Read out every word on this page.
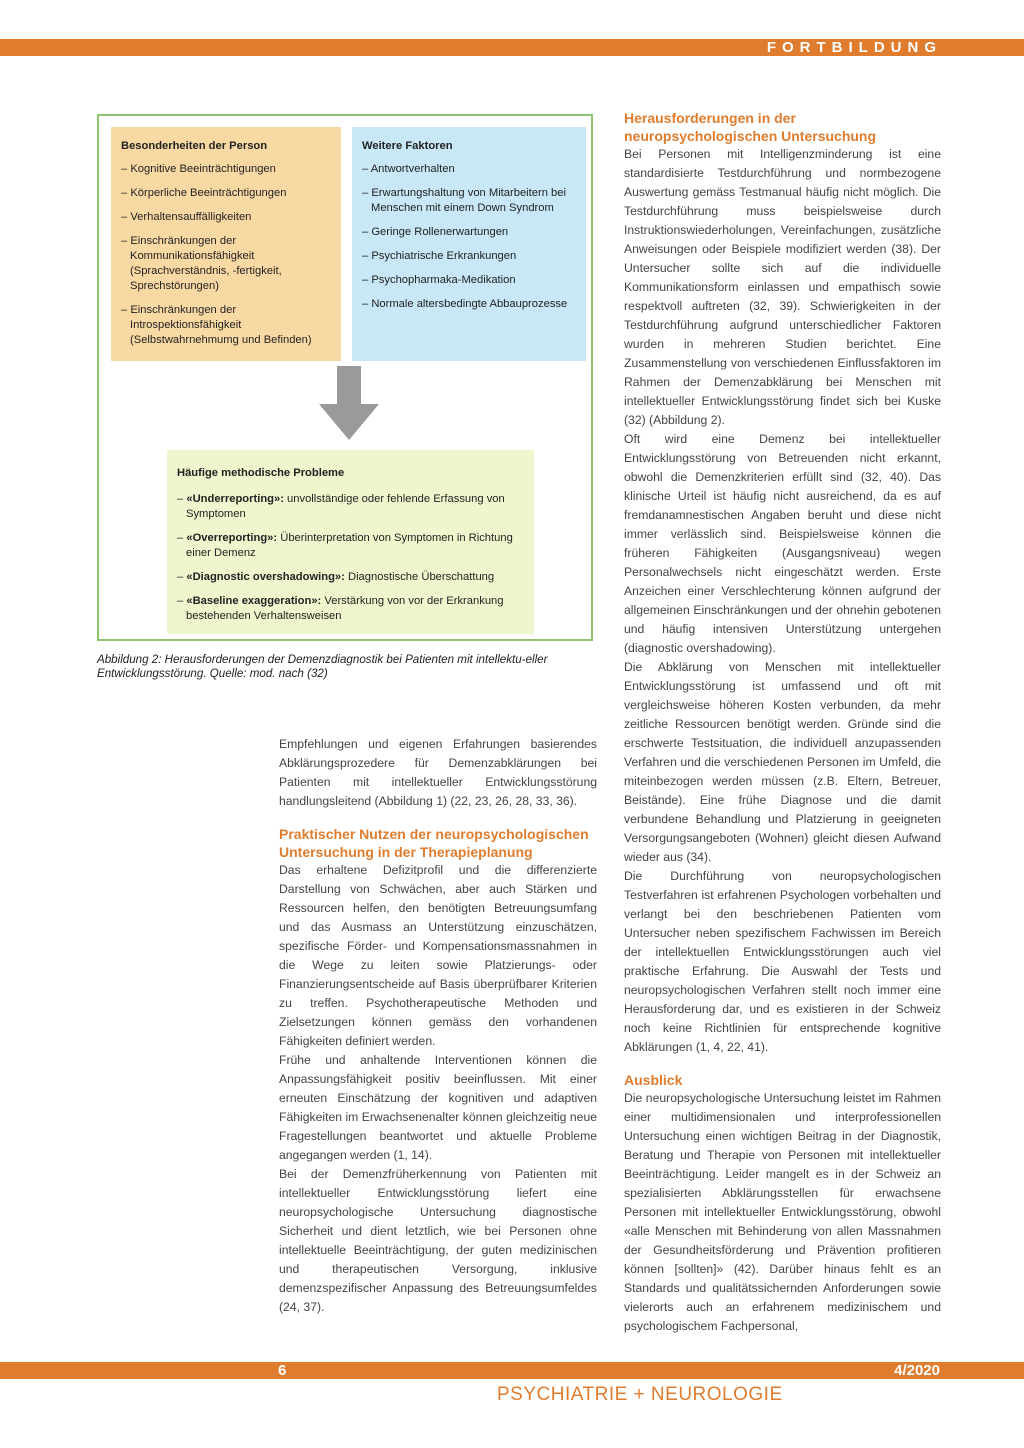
FORTBILDUNG
Besonderheiten der Person
– Kognitive Beeinträchtigungen
– Körperliche Beeinträchtigungen
– Verhaltensauffälligkeiten
– Einschränkungen der Kommunikationsfähigkeit (Sprachverständnis, -fertigkeit, Sprechstörungen)
– Einschränkungen der Introspektionsfähigkeit (Selbstwahrnehmumg und Befinden)
Weitere Faktoren
– Antwortverhalten
– Erwartungshaltung von Mitarbeitern bei Menschen mit einem Down Syndrom
– Geringe Rollenerwartungen
– Psychiatrische Erkrankungen
– Psychopharmaka-Medikation
– Normale altersbedingte Abbauprozesse
Häufige methodische Probleme
– «Underreporting»: unvollständige oder fehlende Erfassung von Symptomen
– «Overreporting»: Überinterpretation von Symptomen in Richtung einer Demenz
– «Diagnostic overshadowing»: Diagnostische Überschattung
– «Baseline exaggeration»: Verstärkung von vor der Erkrankung bestehenden Verhaltensweisen
Abbildung 2: Herausforderungen der Demenzdiagnostik bei Patienten mit intellektu-eller Entwicklungsstörung. Quelle: mod. nach (32)

Empfehlungen und eigenen Erfahrungen basierendes Abklärungsprozedere für Demenzabklärungen bei Patienten mit intellektueller Entwicklungsstörung handlungsleitend (Abbildung 1) (22, 23, 26, 28, 33, 36).

Praktischer Nutzen der neuropsychologischen Untersuchung in der Therapieplanung

Das erhaltene Defizitprofil und die differenzierte Darstellung von Schwächen, aber auch Stärken und Ressourcen helfen, den benötigten Betreuungsumfang und das Ausmass an Unterstützung einzuschätzen, spezifische Förder- und Kompensationsmassnahmen in die Wege zu leiten sowie Platzierungs- oder Finanzierungsentscheide auf Basis überprüfbarer Kriterien zu treffen. Psychotherapeutische Methoden und Zielsetzungen können gemäss den vorhandenen Fähigkeiten definiert werden.

Frühe und anhaltende Interventionen können die Anpassungsfähigkeit positiv beeinflussen. Mit einer erneuten Einschätzung der kognitiven und adaptiven Fähigkeiten im Erwachsenenalter können gleichzeitig neue Fragestellungen beantwortet und aktuelle Probleme angegangen werden (1, 14).

Bei der Demenzfrüherkennung von Patienten mit intellektueller Entwicklungsstörung liefert eine neuropsychologische Untersuchung diagnostische Sicherheit und dient letztlich, wie bei Personen ohne intellektuelle Beeinträchtigung, der guten medizinischen und therapeutischen Versorgung, inklusive demenzspezifischer Anpassung des Betreuungsumfeldes (24, 37).

Herausforderungen in der neuropsychologischen Untersuchung

Bei Personen mit Intelligenzminderung ist eine standardisierte Testdurchführung und normbezogene Auswertung gemäss Testmanual häufig nicht möglich. Die Testdurchführung muss beispielsweise durch Instruktionswiederholungen, Vereinfachungen, zusätzliche Anweisungen oder Beispiele modifiziert werden (38). Der Untersucher sollte sich auf die individuelle Kommunikationsform einlassen und empathisch sowie respektvoll auftreten (32, 39). Schwierigkeiten in der Testdurchführung aufgrund unterschiedlicher Faktoren wurden in mehreren Studien berichtet. Eine Zusammenstellung von verschiedenen Einflussfaktoren im Rahmen der Demenzabklärung bei Menschen mit intellektueller Entwicklungsstörung findet sich bei Kuske (32) (Abbildung 2).

Oft wird eine Demenz bei intellektueller Entwicklungsstörung von Betreuenden nicht erkannt, obwohl die Demenzkriterien erfüllt sind (32, 40). Das klinische Urteil ist häufig nicht ausreichend, da es auf fremdanamnestischen Angaben beruht und diese nicht immer verlässlich sind. Beispielsweise können die früheren Fähigkeiten (Ausgangsniveau) wegen Personalwechsels nicht eingeschätzt werden. Erste Anzeichen einer Verschlechterung können aufgrund der allgemeinen Einschränkungen und der ohnehin gebotenen und häufig intensiven Unterstützung untergehen (diagnostic overshadowing).

Die Abklärung von Menschen mit intellektueller Entwicklungsstörung ist umfassend und oft mit vergleichsweise höheren Kosten verbunden, da mehr zeitliche Ressourcen benötigt werden. Gründe sind die erschwerte Testsituation, die individuell anzupassenden Verfahren und die verschiedenen Personen im Umfeld, die miteinbezogen werden müssen (z.B. Eltern, Betreuer, Beistände). Eine frühe Diagnose und die damit verbundene Behandlung und Platzierung in geeigneten Versorgungsangeboten (Wohnen) gleicht diesen Aufwand wieder aus (34).

Die Durchführung von neuropsychologischen Testverfahren ist erfahrenen Psychologen vorbehalten und verlangt bei den beschriebenen Patienten vom Untersucher neben spezifischem Fachwissen im Bereich der intellektuellen Entwicklungsstörungen auch viel praktische Erfahrung. Die Auswahl der Tests und neuropsychologischen Verfahren stellt noch immer eine Herausforderung dar, und es existieren in der Schweiz noch keine Richtlinien für entsprechende kognitive Abklärungen (1, 4, 22, 41).

Ausblick

Die neuropsychologische Untersuchung leistet im Rahmen einer multidimensionalen und interprofessionellen Untersuchung einen wichtigen Beitrag in der Diagnostik, Beratung und Therapie von Personen mit intellektueller Beeinträchtigung. Leider mangelt es in der Schweiz an spezialisierten Abklärungsstellen für erwachsene Personen mit intellektueller Entwicklungsstörung, obwohl «alle Menschen mit Behinderung von allen Massnahmen der Gesundheitsförderung und Prävention profitieren können [sollten]» (42). Darüber hinaus fehlt es an Standards und qualitätssichernden Anforderungen sowie vielerorts auch an erfahrenem medizinischem und psychologischem Fachpersonal,

6	4/2020
PSYCHIATRIE + NEUROLOGIE
